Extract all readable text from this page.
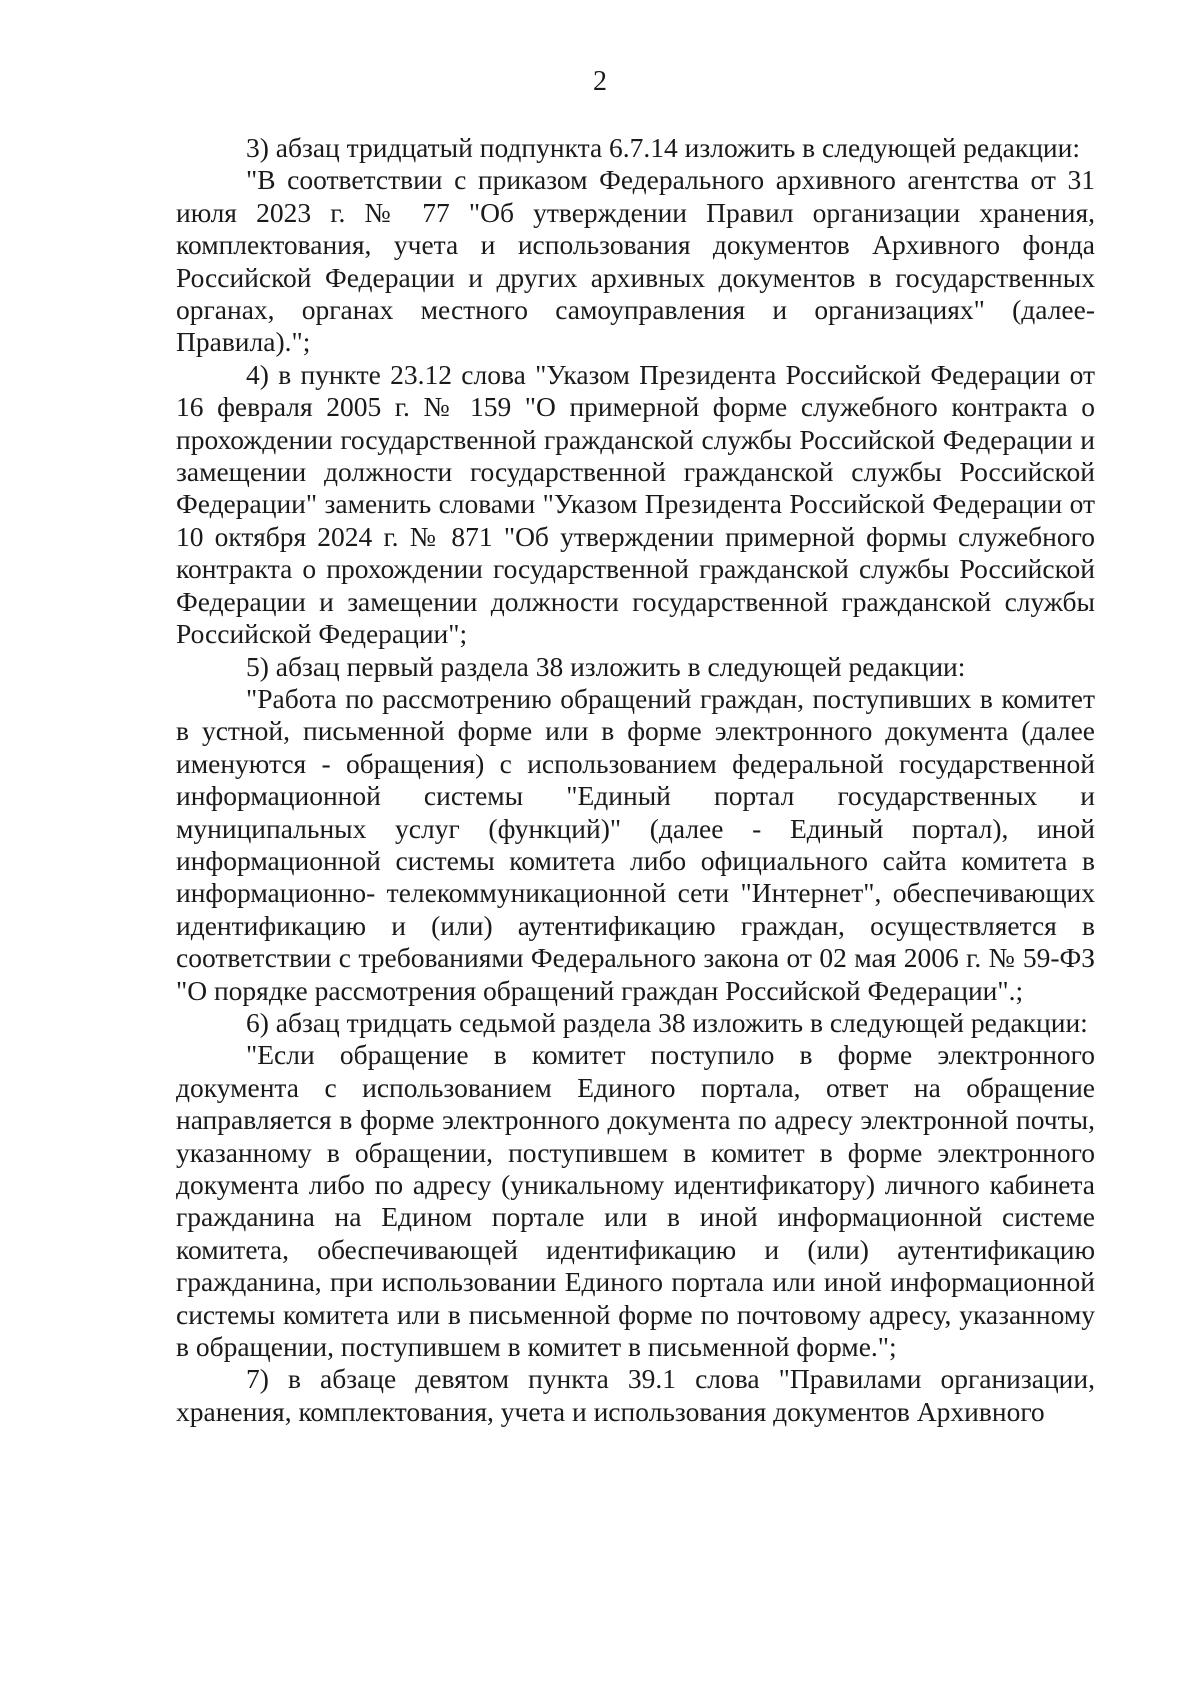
2

3) абзац тридцатый подпункта 6.7.14 изложить в следующей редакции:

"В соответствии с приказом Федерального архивного агентства от 31 июля 2023 г. № 77 "Об утверждении Правил организации хранения, комплектования, учета и использования документов Архивного фонда Российской Федерации и других архивных документов в государственных органах, органах местного самоуправления и организациях" (далее- Правила).";

4) в пункте 23.12 слова "Указом Президента Российской Федерации от 16 февраля 2005 г. № 159 "О примерной форме служебного контракта о прохождении государственной гражданской службы Российской Федерации и замещении должности государственной гражданской службы Российской Федерации" заменить словами "Указом Президента Российской Федерации от 10 октября 2024 г. № 871 "Об утверждении примерной формы служебного контракта о прохождении государственной гражданской службы Российской Федерации и замещении должности государственной гражданской службы Российской Федерации";

5) абзац первый раздела 38 изложить в следующей редакции:

"Работа по рассмотрению обращений граждан, поступивших в комитет в устной, письменной форме или в форме электронного документа (далее именуются - обращения) с использованием федеральной государственной информационной системы "Единый портал государственных и муниципальных услуг (функций)" (далее - Единый портал), иной информационной системы комитета либо официального сайта комитета в информационно- телекоммуникационной сети "Интернет", обеспечивающих идентификацию и (или) аутентификацию граждан, осуществляется в соответствии с требованиями Федерального закона от 02 мая 2006 г. № 59-ФЗ "О порядке рассмотрения обращений граждан Российской Федерации".;

6) абзац тридцать седьмой раздела 38 изложить в следующей редакции:

"Если обращение в комитет поступило в форме электронного документа с использованием Единого портала, ответ на обращение направляется в форме электронного документа по адресу электронной почты, указанному в обращении, поступившем в комитет в форме электронного документа либо по адресу (уникальному идентификатору) личного кабинета гражданина на Едином портале или в иной информационной системе комитета, обеспечивающей идентификацию и (или) аутентификацию гражданина, при использовании Единого портала или иной информационной системы комитета или в письменной форме по почтовому адресу, указанному в обращении, поступившем в комитет в письменной форме.";

7) в абзаце девятом пункта 39.1 слова "Правилами организации, хранения, комплектования, учета и использования документов Архивного
